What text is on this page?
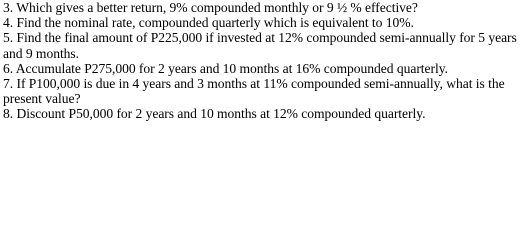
3. Which gives a better return, 9% compounded monthly or 9 ½ % effective?

4. Find the nominal rate, compounded quarterly which is equivalent to 10%.

5. Find the final amount of P225,000 if invested at 12% compounded semi-annually for 5 years and 9 months.

6. Accumulate P275,000 for 2 years and 10 months at 16% compounded quarterly.

7. If P100,000 is due in 4 years and 3 months at 11% compounded semi-annually, what is the present value?

8. Discount P50,000 for 2 years and 10 months at 12% compounded quarterly.
